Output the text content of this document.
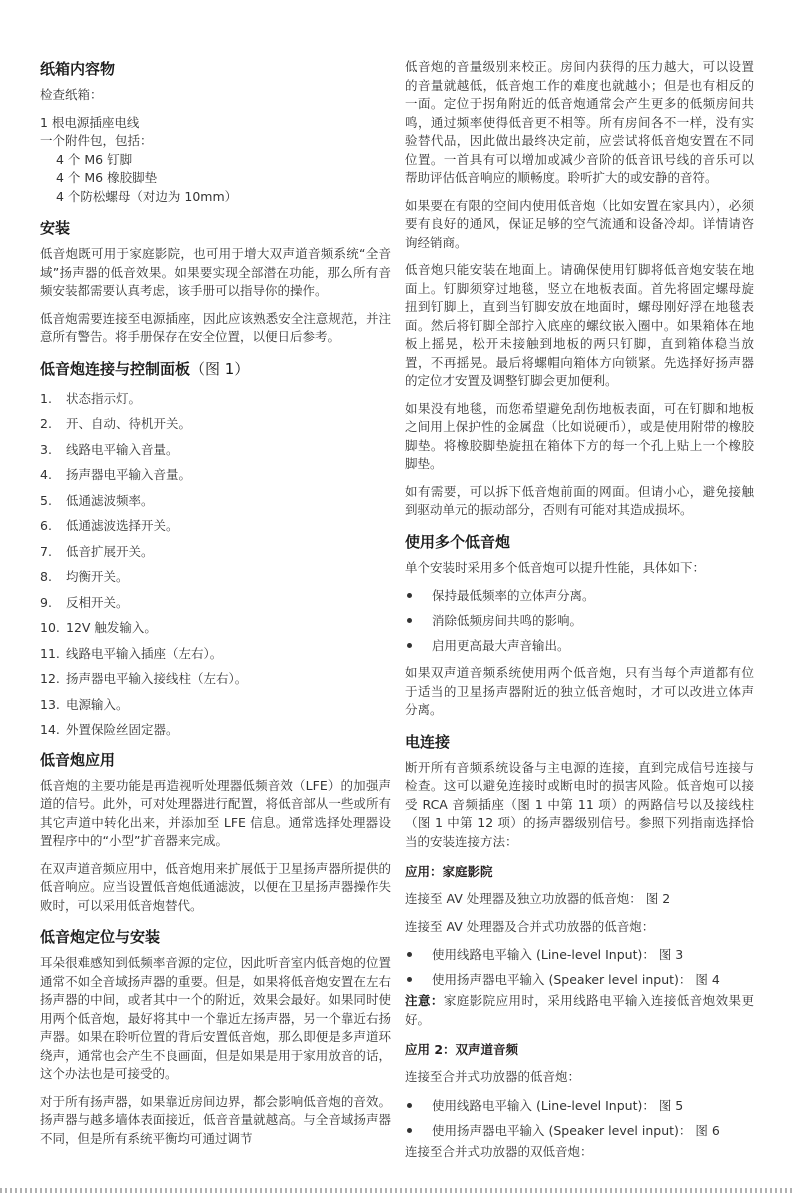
纸箱内容物

检查纸箱：

1 根电源插座电线

一个附件包，包括：

4 个 M6 钉脚

4 个 M6 橡胶脚垫

4 个防松螺母（对边为 10mm）

安装

低音炮既可用于家庭影院，也可用于增大双声道音频系统“全音域”扬声器的低音效果。如果要实现全部潜在功能，那么所有音频安装都需要认真考虑，该手册可以指导你的操作。

低音炮需要连接至电源插座，因此应该熟悉安全注意规范，并注意所有警告。将手册保存在安全位置，以便日后参考。

低音炮连接与控制面板（图 1）
1.	状态指示灯。
2.	开、自动、待机开关。
3.	线路电平输入音量。
4.	扬声器电平输入音量。
5.	低通滤波频率。
6.	低通滤波选择开关。
7.	低音扩展开关。
8.	均衡开关。
9.	反相开关。
10. 12V 触发输入。
11. 线路电平输入插座（左右）。
12. 扬声器电平输入接线柱（左右）。
13. 电源输入。
14. 外置保险丝固定器。
低音炮应用

低音炮的主要功能是再造视听处理器低频音效（LFE）的加强声道的信号。此外，可对处理器进行配置，将低音部从一些或所有其它声道中转化出来，并添加至 LFE 信息。通常选择处理器设置程序中的“小型”扩音器来完成。

在双声道音频应用中，低音炮用来扩展低于卫星扬声器所提供的低音响应。应当设置低音炮低通滤波，以便在卫星扬声器操作失败时，可以采用低音炮替代。

低音炮定位与安装

耳朵很难感知到低频率音源的定位，因此听音室内低音炮的位置通常不如全音域扬声器的重要。但是，如果将低音炮安置在左右扬声器的中间，或者其中一个的附近，效果会最好。如果同时使用两个低音炮，最好将其中一个靠近左扬声器，另一个靠近右扬声器。如果在聆听位置的背后安置低音炮，那么即便是多声道环绕声，通常也会产生不良画面，但是如果是用于家用放音的话，这个办法也是可接受的。

对于所有扬声器，如果靠近房间边界，都会影响低音炮的音效。扬声器与越多墙体表面接近，低音音量就越高。与全音域扬声器不同，但是所有系统平衡均可通过调节

低音炮的音量级别来校正。房间内获得的压力越大，可以设置的音量就越低，低音炮工作的难度也就越小；但是也有相反的一面。定位于拐角附近的低音炮通常会产生更多的低频房间共鸣，通过频率使得低音更不相等。所有房间各不一样，没有实验替代品，因此做出最终决定前，应尝试将低音炮安置在不同位置。一首具有可以增加或减少音阶的低音讯号线的音乐可以帮助评估低音响应的顺畅度。聆听扩大的或安静的音符。

如果要在有限的空间内使用低音炮（比如安置在家具内），必须要有良好的通风，保证足够的空气流通和设备冷却。详情请咨询经销商。

低音炮只能安装在地面上。请确保使用钉脚将低音炮安装在地面上。钉脚须穿过地毯，竖立在地板表面。首先将固定螺母旋扭到钉脚上，直到当钉脚安放在地面时，螺母刚好浮在地毯表面。然后将钉脚全部拧入底座的螺纹嵌入圈中。如果箱体在地板上摇晃，松开未接触到地板的两只钉脚，直到箱体稳当放置，不再摇晃。最后将螺帽向箱体方向锁紧。先选择好扬声器的定位才安置及调整钉脚会更加便利。

如果没有地毯，而您希望避免刮伤地板表面，可在钉脚和地板之间用上保护性的金属盘（比如说硬币），或是使用附带的橡胶脚垫。将橡胶脚垫旋扭在箱体下方的每一个孔上贴上一个橡胶脚垫。

如有需要，可以拆下低音炮前面的网面。但请小心，避免接触到驱动单元的振动部分，否则有可能对其造成损坏。

使用多个低音炮

单个安装时采用多个低音炮可以提升性能，具体如下：

保持最低频率的立体声分离。
消除低频房间共鸣的影响。
启用更高最大声音输出。

如果双声道音频系统使用两个低音炮，只有当每个声道都有位于适当的卫星扬声器附近的独立低音炮时，才可以改进立体声分离。

电连接

断开所有音频系统设备与主电源的连接，直到完成信号连接与检查。这可以避免连接时或断电时的损害风险。低音炮可以接受 RCA 音频插座（图 1 中第 11 项）的两路信号以及接线柱（图 1 中第 12 项）的扬声器级别信号。参照下列指南选择恰当的安装连接方法：

应用：家庭影院

连接至 AV 处理器及独立功放器的低音炮： 图 2

连接至 AV 处理器及合并式功放器的低音炮：

使用线路电平输入 (Line-level Input)： 图 3
使用扬声器电平输入 (Speaker level input)： 图 4

注意：家庭影院应用时，采用线路电平输入连接低音炮效果更好。

应用 2：双声道音频

连接至合并式功放器的低音炮：

使用线路电平输入 (Line-level Input)： 图 5
使用扬声器电平输入 (Speaker level input)： 图 6

连接至合并式功放器的双低音炮：
